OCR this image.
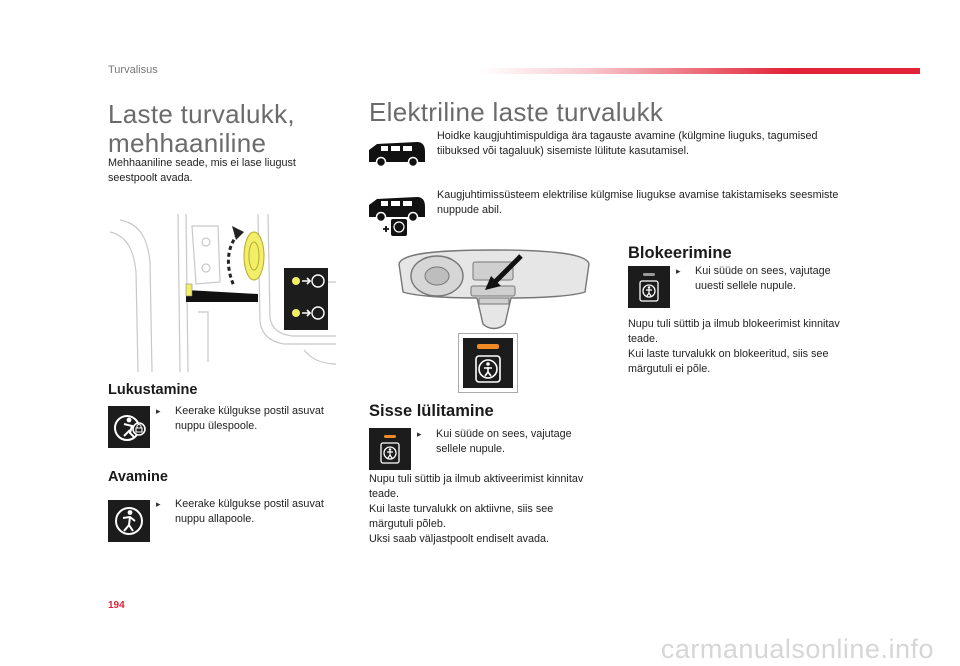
Turvalisus
Laste turvalukk,
mehhaaniline
Mehhaaniline seade, mis ei lase liugust
seestpoolt avada.
Lukustamine
▸ Keerake külgukse postil asuvat
nuppu ülespoole.
Avamine
▸ Keerake külgukse postil asuvat
nuppu allapoole.
Elektriline laste turvalukk
Hoidke kaugjuhtimispuldiga ära tagauste avamine (külgmine liuguks, tagumised
tiibuksed või tagaluuk) sisemiste lülitute kasutamisel.
Kaugjuhtimissüsteem elektrilise külgmise liugukse avamise takistamiseks seesmiste
nuppude abil.
Sisse lülitamine
▸ Kui süüde on sees, vajutage
sellele nupule.
Nupu tuli süttib ja ilmub aktiveerimist kinnitav
teade.
Kui laste turvalukk on aktiivne, siis see
märgutuli põleb.
Uksi saab väljastpoolt endiselt avada.
Blokeerimine
▸ Kui süüde on sees, vajutage
uuesti sellele nupule.
Nupu tuli süttib ja ilmub blokeerimist kinnitav
teade.
Kui laste turvalukk on blokeeritud, siis see
märgutuli ei põle.
194
carmanualsonline.info
